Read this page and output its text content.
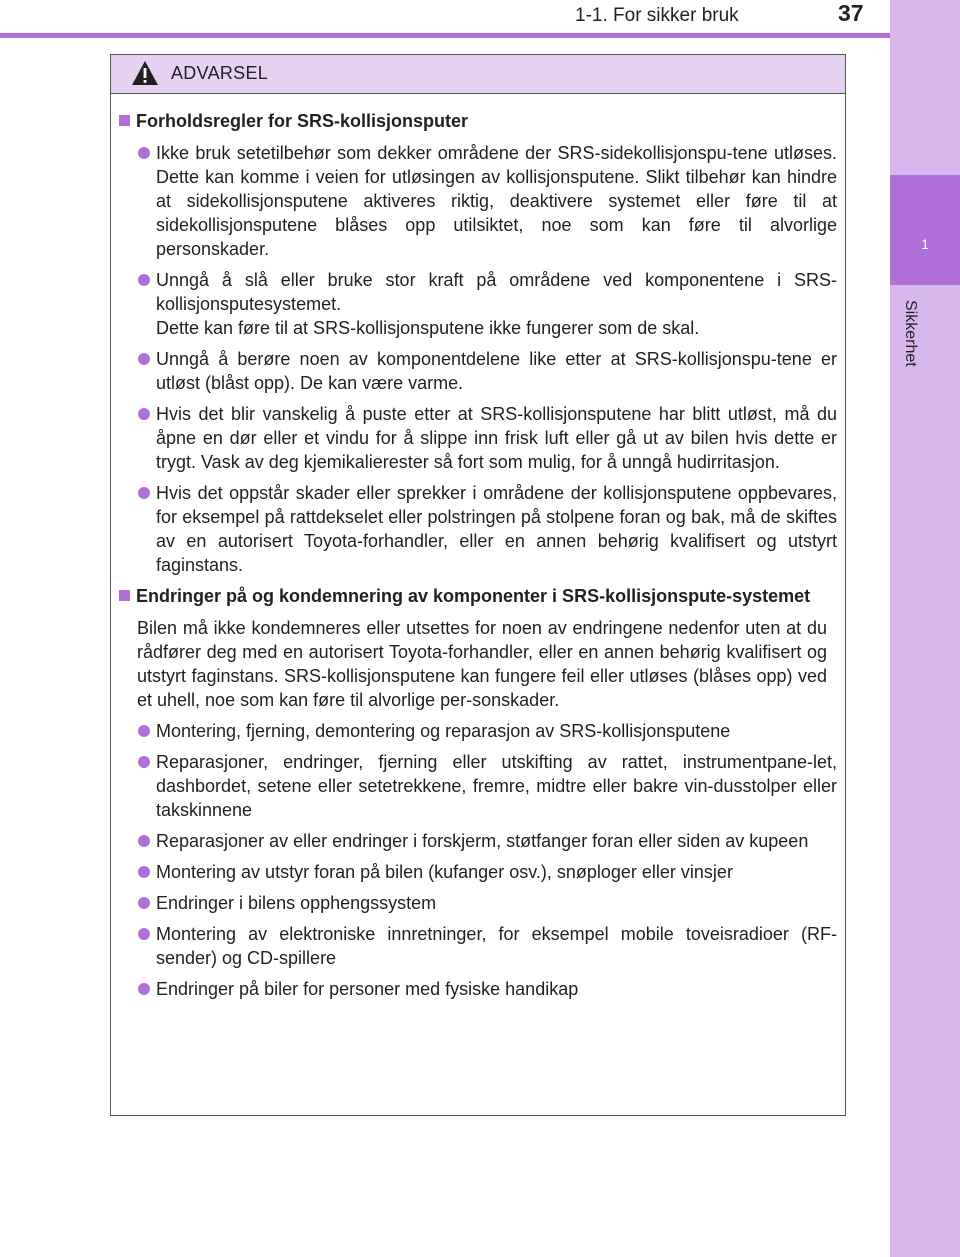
1-1. For sikker bruk	37
1
Sikkerhet
ADVARSEL
Forholdsregler for SRS-kollisjonsputer
Ikke bruk setetilbehør som dekker områdene der SRS-sidekollisjonspu-tene utløses. Dette kan komme i veien for utløsingen av kollisjonsputene. Slikt tilbehør kan hindre at sidekollisjonsputene aktiveres riktig, deaktivere systemet eller føre til at sidekollisjonsputene blåses opp utilsiktet, noe som kan føre til alvorlige personskader.
Unngå å slå eller bruke stor kraft på områdene ved komponentene i SRS-kollisjonsputesystemet.
Dette kan føre til at SRS-kollisjonsputene ikke fungerer som de skal.
Unngå å berøre noen av komponentdelene like etter at SRS-kollisjonspu-tene er utløst (blåst opp). De kan være varme.
Hvis det blir vanskelig å puste etter at SRS-kollisjonsputene har blitt utløst, må du åpne en dør eller et vindu for å slippe inn frisk luft eller gå ut av bilen hvis dette er trygt. Vask av deg kjemikalierester så fort som mulig, for å unngå hudirritasjon.
Hvis det oppstår skader eller sprekker i områdene der kollisjonsputene oppbevares, for eksempel på rattdekselet eller polstringen på stolpene foran og bak, må de skiftes av en autorisert Toyota-forhandler, eller en annen behørig kvalifisert og utstyrt faginstans.
Endringer på og kondemnering av komponenter i SRS-kollisjonspute-systemet
Bilen må ikke kondemneres eller utsettes for noen av endringene nedenfor uten at du rådfører deg med en autorisert Toyota-forhandler, eller en annen behørig kvalifisert og utstyrt faginstans. SRS-kollisjonsputene kan fungere feil eller utløses (blåses opp) ved et uhell, noe som kan føre til alvorlige per-sonskader.
Montering, fjerning, demontering og reparasjon av SRS-kollisjonsputene
Reparasjoner, endringer, fjerning eller utskifting av rattet, instrumentpane-let, dashbordet, setene eller setetrekkene, fremre, midtre eller bakre vin-dusstolper eller takskinnene
Reparasjoner av eller endringer i forskjerm, støtfanger foran eller siden av kupeen
Montering av utstyr foran på bilen (kufanger osv.), snøploger eller vinsjer
Endringer i bilens opphengssystem
Montering av elektroniske innretninger, for eksempel mobile toveisradioer (RF-sender) og CD-spillere
Endringer på biler for personer med fysiske handikap
